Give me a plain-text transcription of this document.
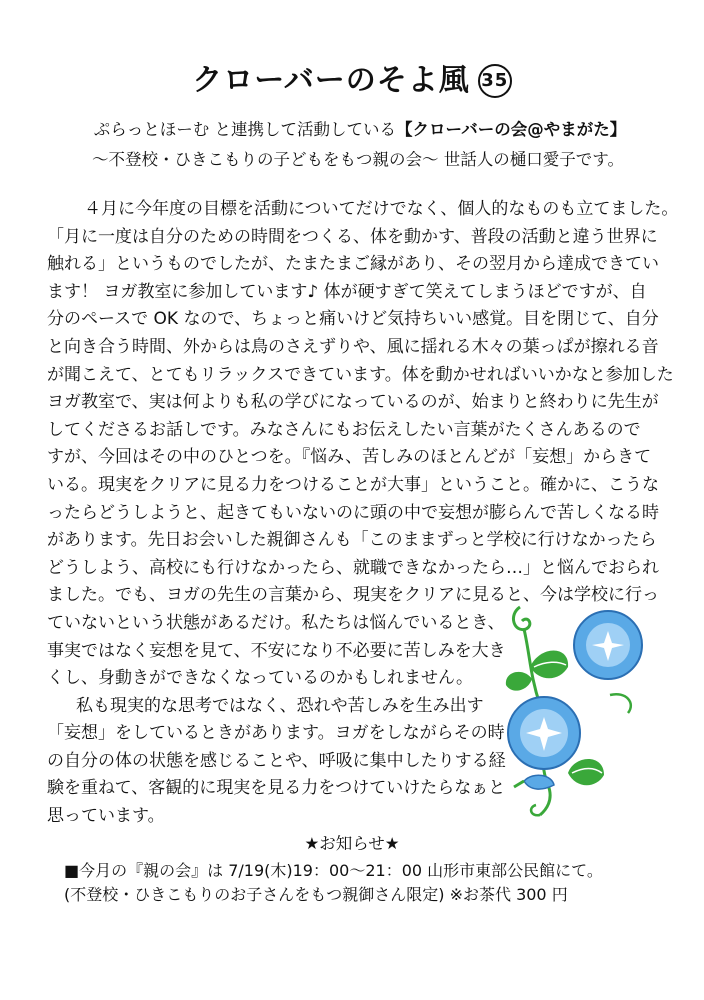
クローバーのそよ風 35
ぷらっとほーむ と連携して活動している【クローバーの会@やまがた】
〜不登校・ひきこもりの子どもをもつ親の会〜 世話人の樋口愛子です。
４月に今年度の目標を活動についてだけでなく、個人的なものも立てました。
「月に一度は自分のための時間をつくる、体を動かす、普段の活動と違う世界に
触れる」というものでしたが、たまたまご縁があり、その翌月から達成できてい
ます！ ヨガ教室に参加しています♪ 体が硬すぎて笑えてしまうほどですが、自
分のペースで OK なので、ちょっと痛いけど気持ちいい感覚。目を閉じて、自分
と向き合う時間、外からは鳥のさえずりや、風に揺れる木々の葉っぱが擦れる音
が聞こえて、とてもリラックスできています。体を動かせればいいかなと参加した
ヨガ教室で、実は何よりも私の学びになっているのが、始まりと終わりに先生が
してくださるお話しです。みなさんにもお伝えしたい言葉がたくさんあるので
すが、今回はその中のひとつを。『悩み、苦しみのほとんどが「妄想」からきて
いる。現実をクリアに見る力をつけることが大事」ということ。確かに、こうな
ったらどうしようと、起きてもいないのに頭の中で妄想が膨らんで苦しくなる時
があります。先日お会いした親御さんも「このままずっと学校に行けなかったら
どうしよう、高校にも行けなかったら、就職できなかったら…」と悩んでおられ
ました。でも、ヨガの先生の言葉から、現実をクリアに見ると、今は学校に行っ
ていないという状態があるだけ。私たちは悩んでいるとき、
事実ではなく妄想を見て、不安になり不必要に苦しみを大き
くし、身動きができなくなっているのかもしれません。
私も現実的な思考ではなく、恐れや苦しみを生み出す
「妄想」をしているときがあります。ヨガをしながらその時
の自分の体の状態を感じることや、呼吸に集中したりする経
験を重ねて、客観的に現実を見る力をつけていけたらなぁと
思っています。
★お知らせ★
■今月の『親の会』は 7/19(木)19：00〜21：00 山形市東部公民館にて。
(不登校・ひきこもりのお子さんをもつ親御さん限定) ※お茶代 300 円
